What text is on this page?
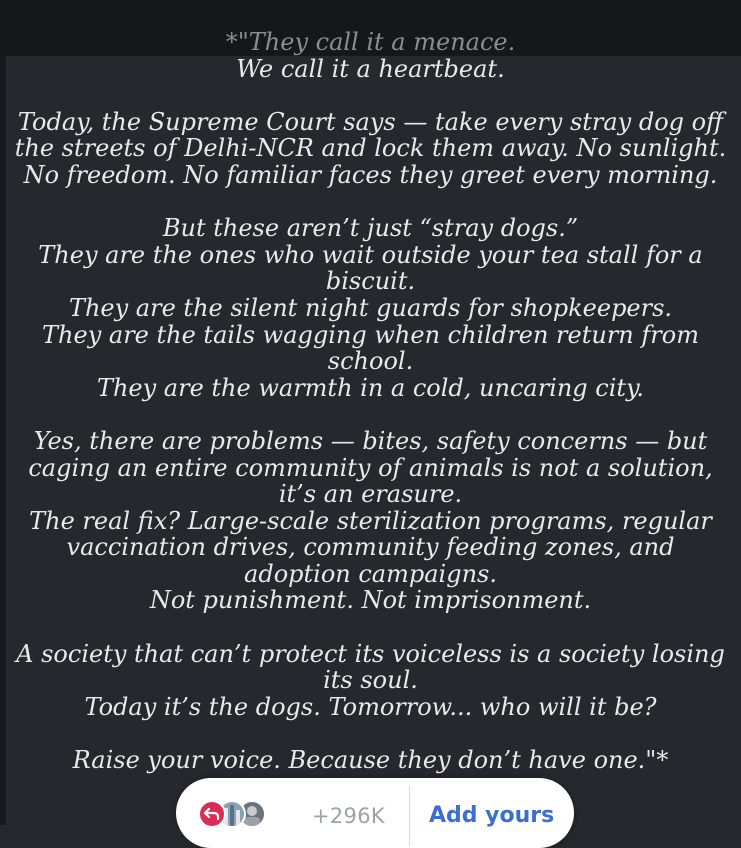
*"They call it a menace.
We call it a heartbeat.
Today, the Supreme Court says — take every stray dog off
the streets of Delhi-NCR and lock them away. No sunlight.
No freedom. No familiar faces they greet every morning.
But these aren’t just “stray dogs.”
They are the ones who wait outside your tea stall for a
biscuit.
They are the silent night guards for shopkeepers.
They are the tails wagging when children return from
school.
They are the warmth in a cold, uncaring city.
Yes, there are problems — bites, safety concerns — but
caging an entire community of animals is not a solution,
it’s an erasure.
The real fix? Large-scale sterilization programs, regular
vaccination drives, community feeding zones, and
adoption campaigns.
Not punishment. Not imprisonment.
A society that can’t protect its voiceless is a society losing
its soul.
Today it’s the dogs. Tomorrow... who will it be?
Raise your voice. Because they don’t have one."*
+296K Add yours
